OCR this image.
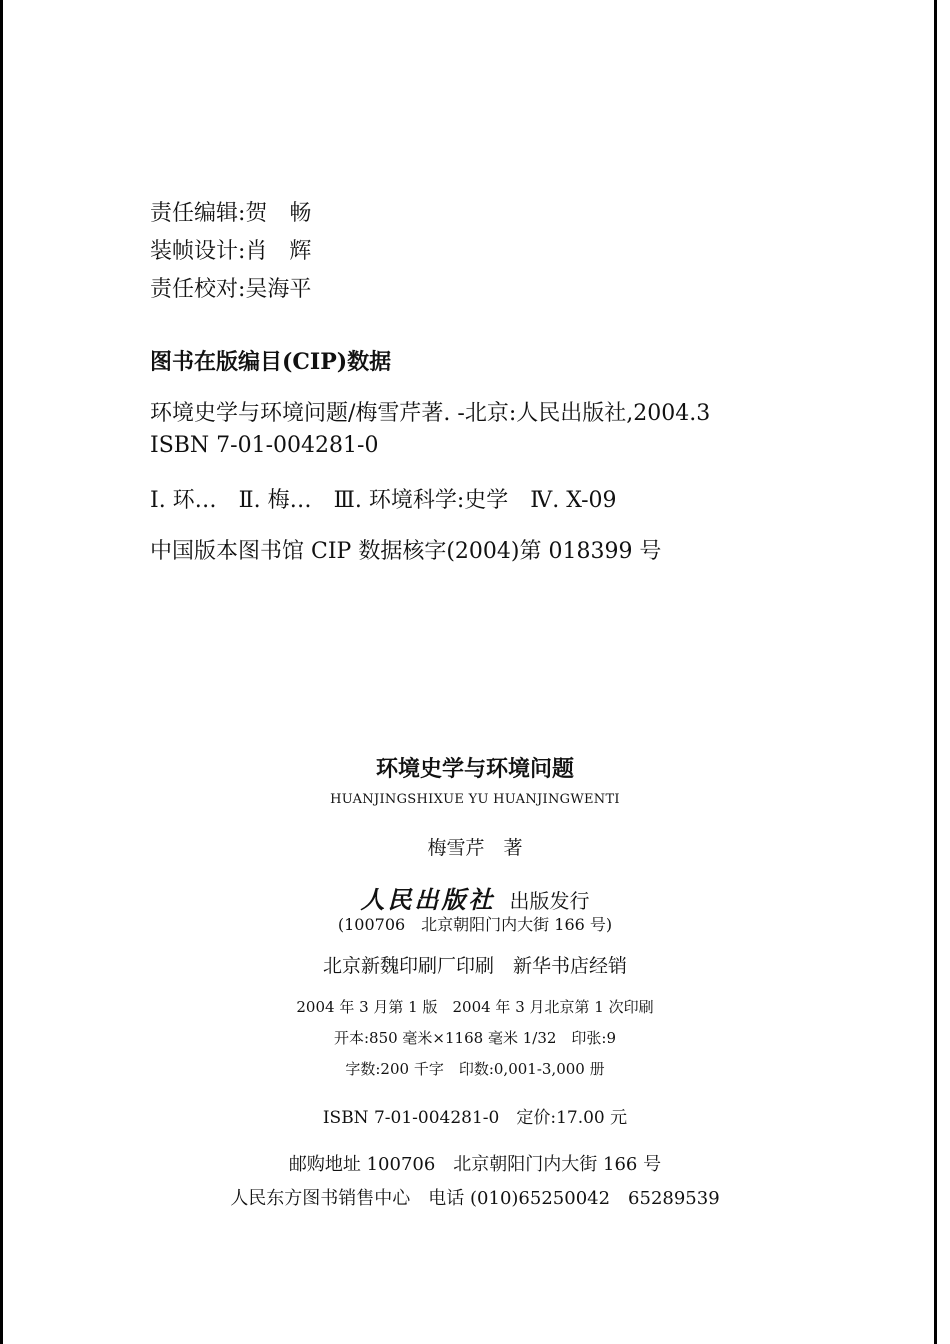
责任编辑:贺　畅
装帧设计:肖　辉
责任校对:吴海平
图书在版编目(CIP)数据
环境史学与环境问题/梅雪芹著. -北京:人民出版社,2004.3
ISBN 7-01-004281-0
Ⅰ. 环…　Ⅱ. 梅…　Ⅲ. 环境科学:史学　Ⅳ. X-09
中国版本图书馆 CIP 数据核字(2004)第 018399 号
环境史学与环境问题
HUANJINGSHIXUE YU HUANJINGWENTI
梅雪芹　著
人民出版社 出版发行
(100706　北京朝阳门内大街 166 号)
北京新魏印刷厂印刷　新华书店经销
2004 年 3 月第 1 版　2004 年 3 月北京第 1 次印刷
开本:850 毫米×1168 毫米 1/32　印张:9
字数:200 千字　印数:0,001-3,000 册
ISBN 7-01-004281-0　定价:17.00 元
邮购地址 100706　北京朝阳门内大街 166 号
人民东方图书销售中心　电话 (010)65250042　65289539
